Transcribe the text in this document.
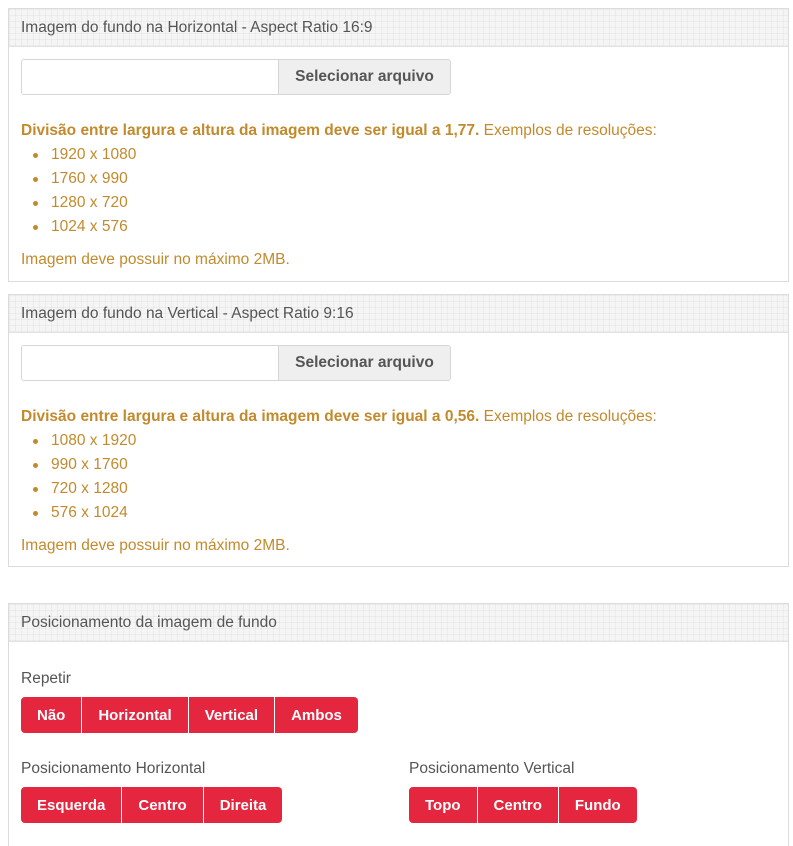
Imagem do fundo na Horizontal - Aspect Ratio 16:9
Selecionar arquivo
Divisão entre largura e altura da imagem deve ser igual a 1,77. Exemplos de resoluções:
1920 x 1080
1760 x 990
1280 x 720
1024 x 576
Imagem deve possuir no máximo 2MB.
Imagem do fundo na Vertical - Aspect Ratio 9:16
Selecionar arquivo
Divisão entre largura e altura da imagem deve ser igual a 0,56. Exemplos de resoluções:
1080 x 1920
990 x 1760
720 x 1280
576 x 1024
Imagem deve possuir no máximo 2MB.
Posicionamento da imagem de fundo
Repetir
Não	Horizontal	Vertical	Ambos
Posicionamento Horizontal
Esquerda	Centro	Direita
Posicionamento Vertical
Topo	Centro	Fundo
